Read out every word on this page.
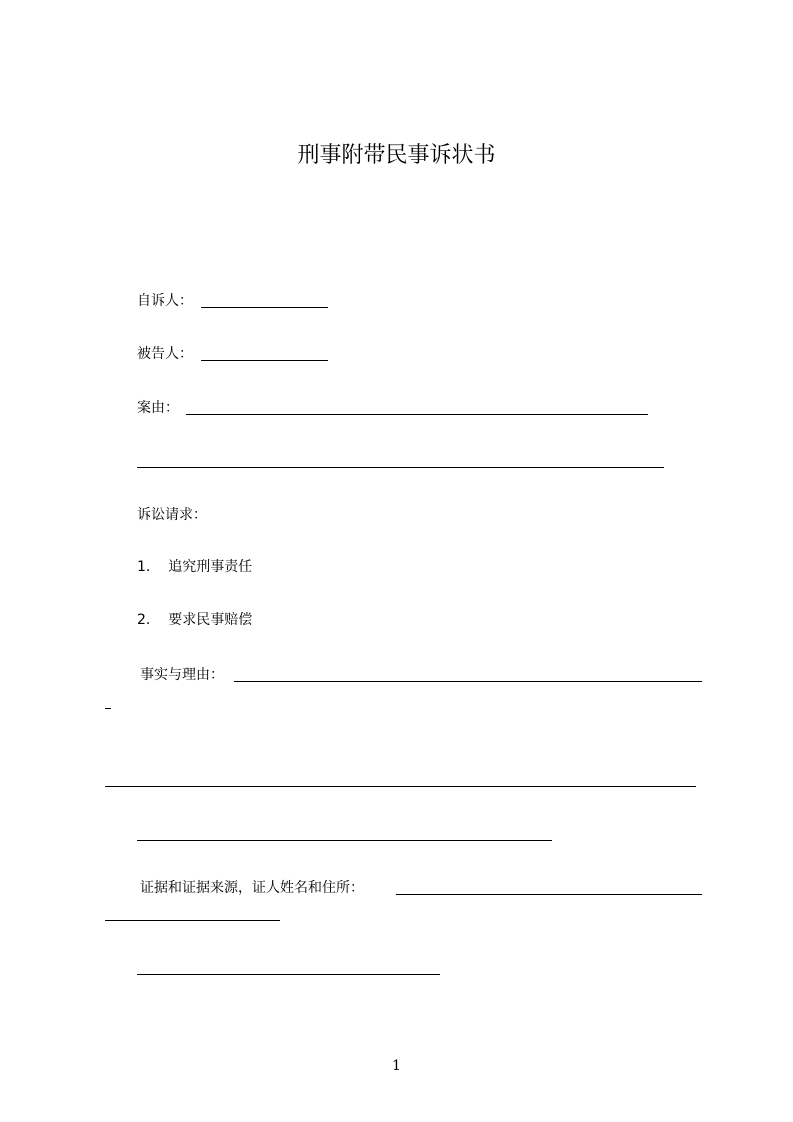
刑事附带民事诉状书
自诉人：
被告人：
案由：
诉讼请求：
1. 追究刑事责任
2. 要求民事赔偿
事实与理由：
证据和证据来源，证人姓名和住所：
1
